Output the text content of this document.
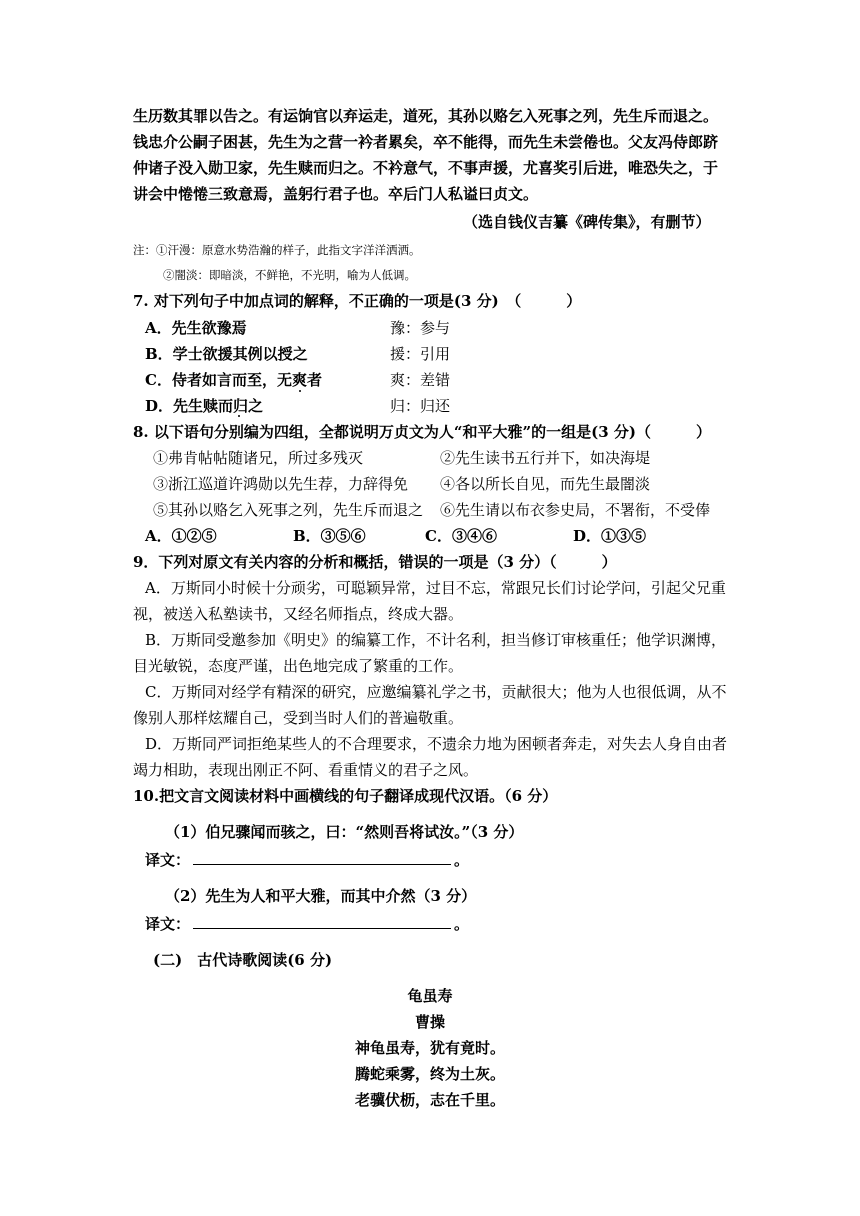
生历数其罪以告之。有运饷官以弃运走，道死，其孙以赂乞入死事之列，先生斥而退之。
钱忠介公嗣子困甚，先生为之营一衿者累矣，卒不能得，而先生未尝倦也。父友冯侍郎跻
仲诸子没入勋卫家，先生赎而归之。不衿意气，不事声援，尤喜奖引后进，唯恐失之，于
讲会中惓惓三致意焉，盖躬行君子也。卒后门人私谥曰贞文。
（选自钱仪吉纂《碑传集》，有删节）
注：①汗漫：原意水势浩瀚的样子，此指文字洋洋洒洒。
②闇淡：即暗淡，不鲜艳，不光明，喻为人低调。
7. 对下列句子中加点词的解释，不正确的一项是(3 分)　（　　　）
A．先生欲豫焉	豫：参与
B．学士欲援其例以授之	援：引用
C．侍者如言而至，无爽者	爽：差错
D．先生赎而归之	归：归还
8. 以下语句分别编为四组，全都说明万贞文为人“和平大雅”的一组是(3 分)（　　　）
①弗肯帖帖随诸兄，所过多残灭	②先生读书五行并下，如决海堤
③浙江巡道许鸿勋以先生荐，力辞得免 ④各以所长自见，而先生最闇淡
⑤其孙以赂乞入死事之列，先生斥而退之 ⑥先生请以布衣参史局，不署衔，不受俸
A．①②⑤	B．③⑤⑥	C．③④⑥	D．①③⑤
9．下列对原文有关内容的分析和概括，错误的一项是（3 分）（　　　）
A．万斯同小时候十分顽劣，可聪颖异常，过目不忘，常跟兄长们讨论学问，引起父兄重
视，被送入私塾读书，又经名师指点，终成大器。
B．万斯同受邀参加《明史》的编纂工作，不计名利，担当修订审核重任；他学识渊博，
目光敏锐，态度严谨，出色地完成了繁重的工作。
C．万斯同对经学有精深的研究，应邀编纂礼学之书，贡献很大；他为人也很低调，从不
像别人那样炫耀自己，受到当时人们的普遍敬重。
D．万斯同严词拒绝某些人的不合理要求，不遗余力地为困顿者奔走，对失去人身自由者
竭力相助，表现出刚正不阿、看重情义的君子之风。
10.把文言文阅读材料中画横线的句子翻译成现代汉语。（6 分）
（1）伯兄骤闻而骇之，曰：“然则吾将试汝。”（3 分）
译文：	。
（2）先生为人和平大雅，而其中介然（3 分）
译文：	。
(二)　古代诗歌阅读(6 分)
龟虽寿
曹操
神龟虽寿，犹有竟时。
腾蛇乘雾，终为土灰。
老骥伏枥，志在千里。
